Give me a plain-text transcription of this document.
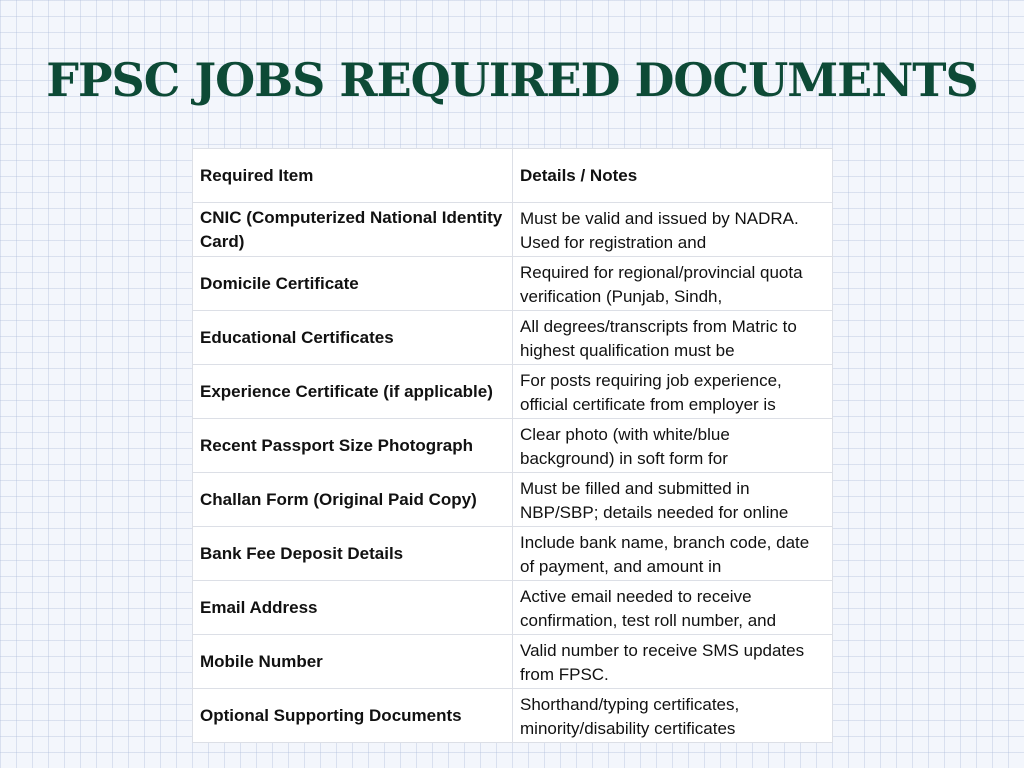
FPSC JOBS REQUIRED DOCUMENTS
Required Item	Details / Notes
CNIC (Computerized National Identity Card)	Must be valid and issued by NADRA. Used for registration and

Domicile Certificate	Required for regional/provincial quota verification (Punjab, Sindh,

Educational Certificates	All degrees/transcripts from Matric to highest qualification must be

Experience Certificate (if applicable)	For posts requiring job experience, official certificate from employer is

Recent Passport Size Photograph	Clear photo (with white/blue background) in soft form for

Challan Form (Original Paid Copy)	Must be filled and submitted in NBP/SBP; details needed for online

Bank Fee Deposit Details	Include bank name, branch code, date of payment, and amount in

Email Address	Active email needed to receive confirmation, test roll number, and

Mobile Number	Valid number to receive SMS updates from FPSC.

Optional Supporting Documents	Shorthand/typing certificates, minority/disability certificates
